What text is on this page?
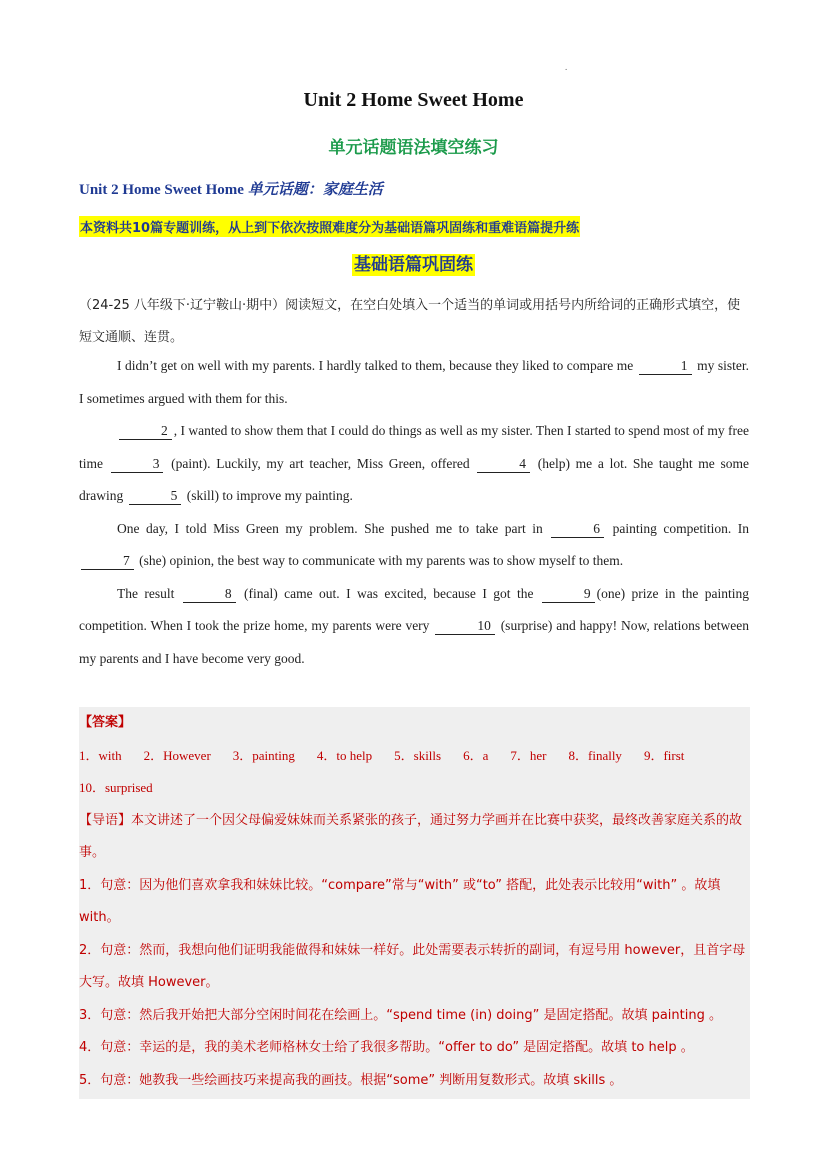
.
Unit 2 Home Sweet Home
单元话题语法填空练习
Unit 2 Home Sweet Home 单元话题：家庭生活
本资料共10篇专题训练，从上到下依次按照难度分为基础语篇巩固练和重难语篇提升练
基础语篇巩固练
（24-25 八年级下·辽宁鞍山·期中）阅读短文，在空白处填入一个适当的单词或用括号内所给词的正确形式填空，使短文通顺、连贯。

I didn’t get on well with my parents. I hardly talked to them, because they liked to compare me	1 my sister. I sometimes argued with them for this.

2 , I wanted to show them that I could do things as well as my sister. Then I started to spend most of my free time	3 (paint). Luckily, my art teacher, Miss Green, offered	4 (help) me a lot. She taught me some drawing	5 (skill) to improve my painting.

One day, I told Miss Green my problem. She pushed me to take part in	6 painting competition. In 7 (she) opinion, the best way to communicate with my parents was to show myself to them.

The result	8 (final) came out. I was excited, because I got the	9 (one) prize in the painting competition. When I took the prize home, my parents were very	10 (surprise) and happy! Now, relations between my parents and I have become very good.

【答案】
1．with 2．However 3．painting 4．to help 5．skills 6．a 7．her 8．finally 9．first10．surprised
【导语】本文讲述了一个因父母偏爱妹妹而关系紧张的孩子，通过努力学画并在比赛中获奖，最终改善家庭关系的故事。
1．句意：因为他们喜欢拿我和妹妹比较。“compare”常与“with” 或“to” 搭配，此处表示比较用“with” 。故填 with。
2．句意：然而，我想向他们证明我能做得和妹妹一样好。此处需要表示转折的副词，有逗号用 however，且首字母大写。故填 However。
3．句意：然后我开始把大部分空闲时间花在绘画上。“spend time (in) doing” 是固定搭配。故填 painting 。
4．句意：幸运的是，我的美术老师格林女士给了我很多帮助。“offer to do” 是固定搭配。故填 to help 。
5．句意：她教我一些绘画技巧来提高我的画技。根据“some” 判断用复数形式。故填 skills 。
